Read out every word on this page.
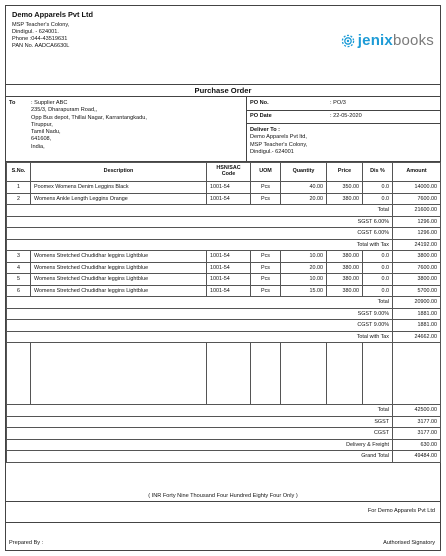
Demo Apparels Pvt Ltd
MSP Teacher's Colony,
Dindigul. - 624001.
Phone :044-43519631
PAN No. AADCA6630L	jenixbooks
Purchase Order
To	: Supplier ABC
235/3, Dharapuram Road,,
Opp Bus depot, Thillai Nagar, Karrantangkadu,
Tiruppur,
Tamil Nadu,
641608,
India,
PO No.	: PO/3
PO Date	: 22-05-2020
Deliver To :
Demo Apparels Pvt ltd,
MSP Teacher's Colony,
Dindigul.- 624001
S.No.	Description	HSN/SAC Code	UOM	Quantity	Price	Dis %	Amount
1	Poomex Womens Denim Leggins Black	1001-54	Pcs	40.00	350.00	0.0	14000.00
2	Womens Ankle Length Leggins Orange	1001-54	Pcs	20.00	380.00	0.0	7600.00
Total							21600.00
SGST 6.00%							1296.00
CGST 6.00%							1296.00
Total with Tax							24192.00
3	Womens Stretched Chudidhar leggins Lightblue	1001-54	Pcs	10.00	380.00	0.0	3800.00
4	Womens Stretched Chudidhar leggins Lightblue	1001-54	Pcs	20.00	380.00	0.0	7600.00
5	Womens Stretched Chudidhar leggins Lightblue	1001-54	Pcs	10.00	380.00	0.0	3800.00
6	Womens Stretched Chudidhar leggins Lightblue	1001-54	Pcs	15.00	380.00	0.0	5700.00
Total							20900.00
SGST 9.00%							1881.00
CGST 9.00%							1881.00
Total with Tax							24662.00

Total							42500.00
SGST							3177.00
CGST							3177.00
Delivery & Freight							630.00
Grand Total							49484.00
( INR Forty Nine Thousand Four Hundred Eighty Four Only )
For Demo Apparels Pvt Ltd
Prepared By :	Authorised Signatory
